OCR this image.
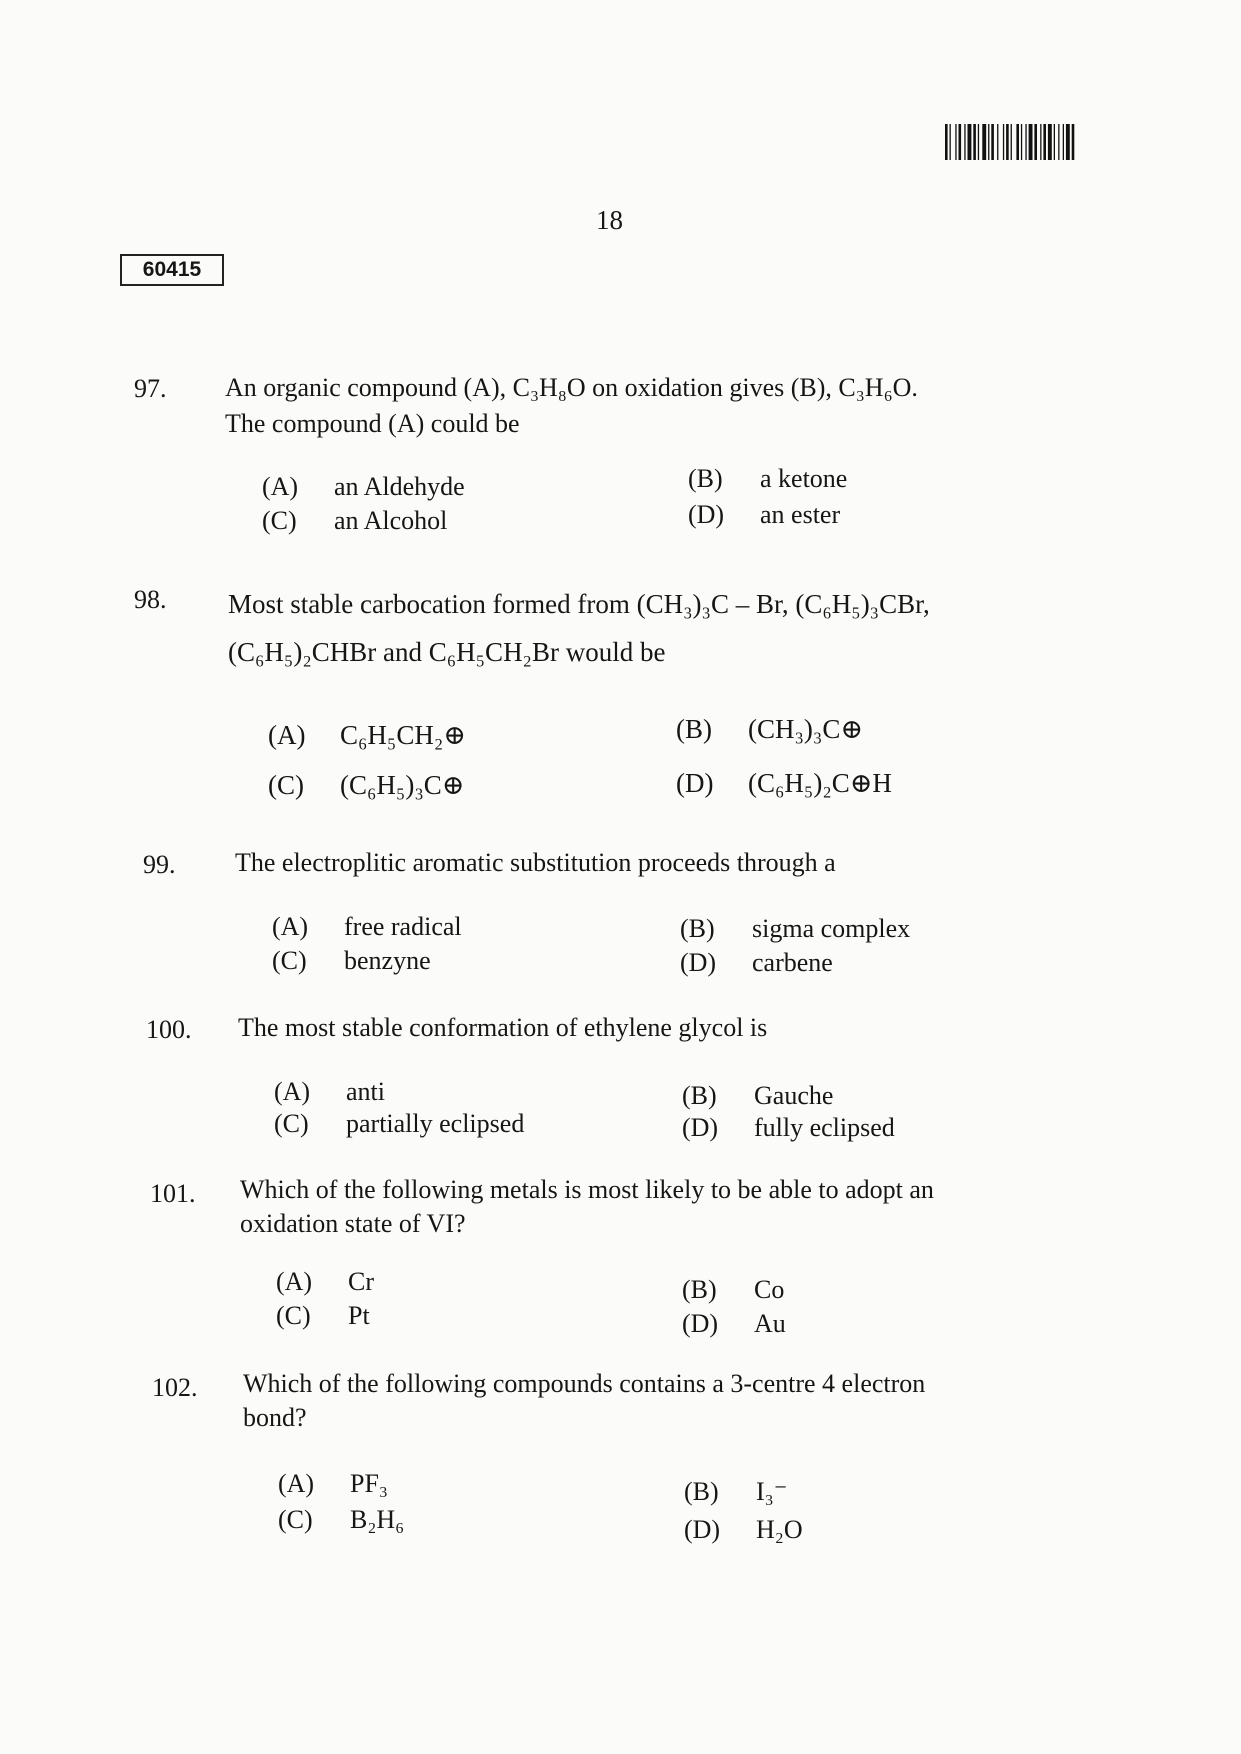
18
60415
97. An organic compound (A), C₃H₈O on oxidation gives (B), C₃H₆O.
The compound (A) could be
(A) an Aldehyde	(B) a ketone
(C) an Alcohol	(D) an ester
98. Most stable carbocation formed from (CH₃)₃C – Br, (C₆H₅)₃CBr,
(C₆H₅)₂CHBr and C₆H₅CH₂Br would be
(A) C₆H₅CH₂⊕	(B) (CH₃)₃C⊕
(C) (C₆H₅)₃C⊕	(D) (C₆H₅)₂C⊕H
99. The electroplitic aromatic substitution proceeds through a
(A) free radical	(B) sigma complex
(C) benzyne	(D) carbene
100. The most stable conformation of ethylene glycol is
(A) anti	(B) Gauche
(C) partially eclipsed	(D) fully eclipsed
101. Which of the following metals is most likely to be able to adopt an
oxidation state of VI?
(A) Cr	(B) Co
(C) Pt	(D) Au
102. Which of the following compounds contains a 3-centre 4 electron
bond?
(A) PF₃	(B) I₃⁻
(C) B₂H₆	(D) H₂O
